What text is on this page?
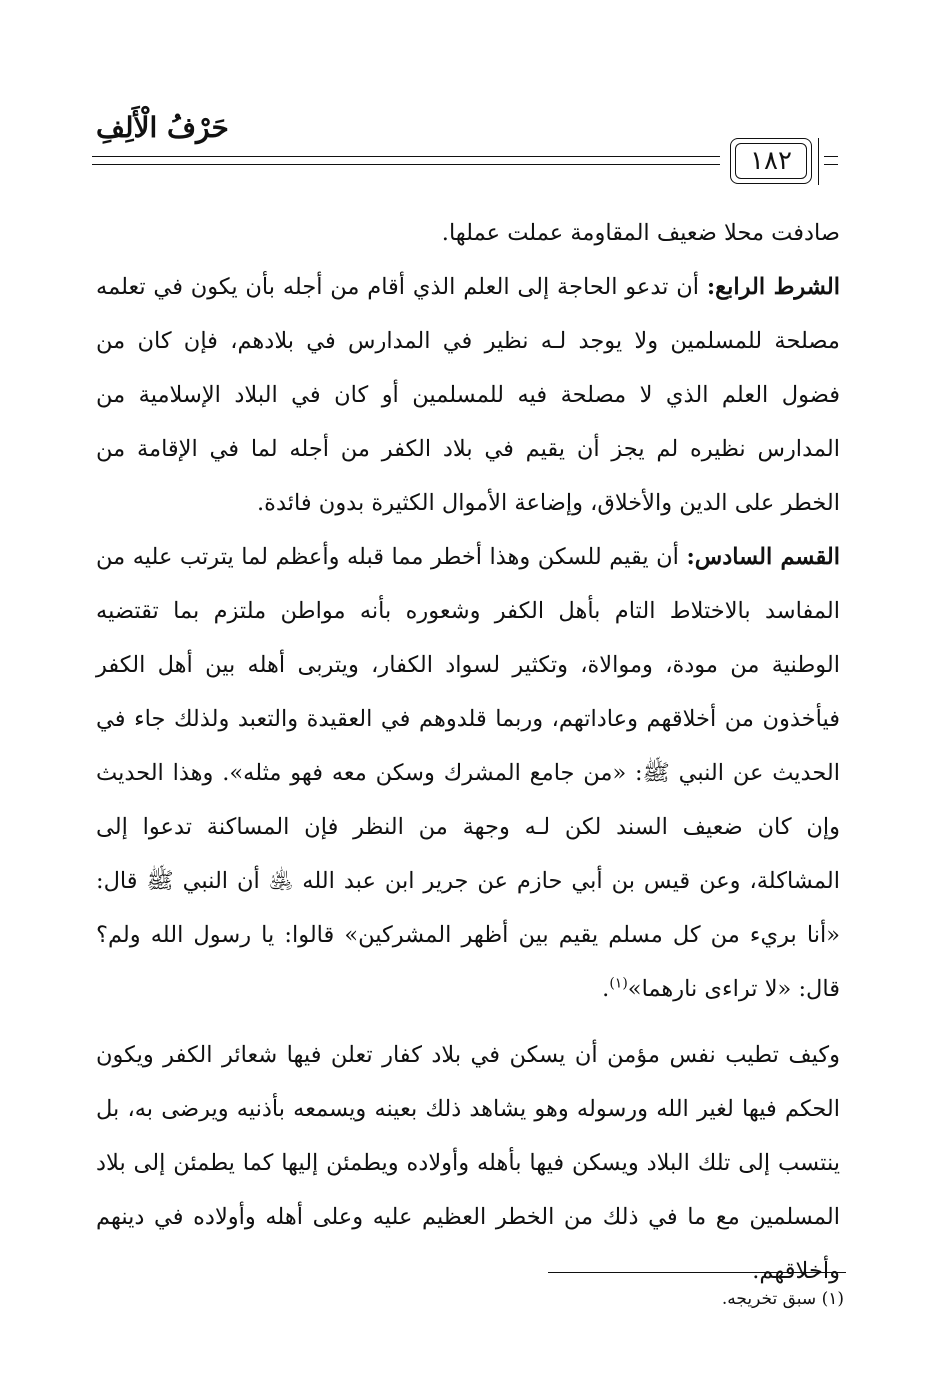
حَرْفُ الْأَلِفِ
١٨٢

صادفت محلا ضعيف المقاومة عملت عملها.

الشرط الرابع: أن تدعو الحاجة إلى العلم الذي أقام من أجله بأن يكون في تعلمه مصلحة للمسلمين ولا يوجد لـه نظير في المدارس في بلادهم، فإن كان من فضول العلم الذي لا مصلحة فيه للمسلمين أو كان في البلاد الإسلامية من المدارس نظيره لم يجز أن يقيم في بلاد الكفر من أجله لما في الإقامة من الخطر على الدين والأخلاق، وإضاعة الأموال الكثيرة بدون فائدة.

القسم السادس: أن يقيم للسكن وهذا أخطر مما قبله وأعظم لما يترتب عليه من المفاسد بالاختلاط التام بأهل الكفر وشعوره بأنه مواطن ملتزم بما تقتضيه الوطنية من مودة، وموالاة، وتكثير لسواد الكفار، ويتربى أهله بين أهل الكفر فيأخذون من أخلاقهم وعاداتهم، وربما قلدوهم في العقيدة والتعبد ولذلك جاء في الحديث عن النبي ﷺ: «من جامع المشرك وسكن معه فهو مثله». وهذا الحديث وإن كان ضعيف السند لكن لـه وجهة من النظر فإن المساكنة تدعوا إلى المشاكلة، وعن قيس بن أبي حازم عن جرير ابن عبد الله ﵁ أن النبي ﷺ قال: «أنا بريء من كل مسلم يقيم بين أظهر المشركين» قالوا: يا رسول الله ولم؟ قال: «لا تراءى نارهما»$^{(١)}$.

وكيف تطيب نفس مؤمن أن يسكن في بلاد كفار تعلن فيها شعائر الكفر ويكون الحكم فيها لغير الله ورسوله وهو يشاهد ذلك بعينه ويسمعه بأذنيه ويرضى به، بل ينتسب إلى تلك البلاد ويسكن فيها بأهله وأولاده ويطمئن إليها كما يطمئن إلى بلاد المسلمين مع ما في ذلك من الخطر العظيم عليه وعلى أهله وأولاده في دينهم وأخلاقهم.

(١) سبق تخريجه.
